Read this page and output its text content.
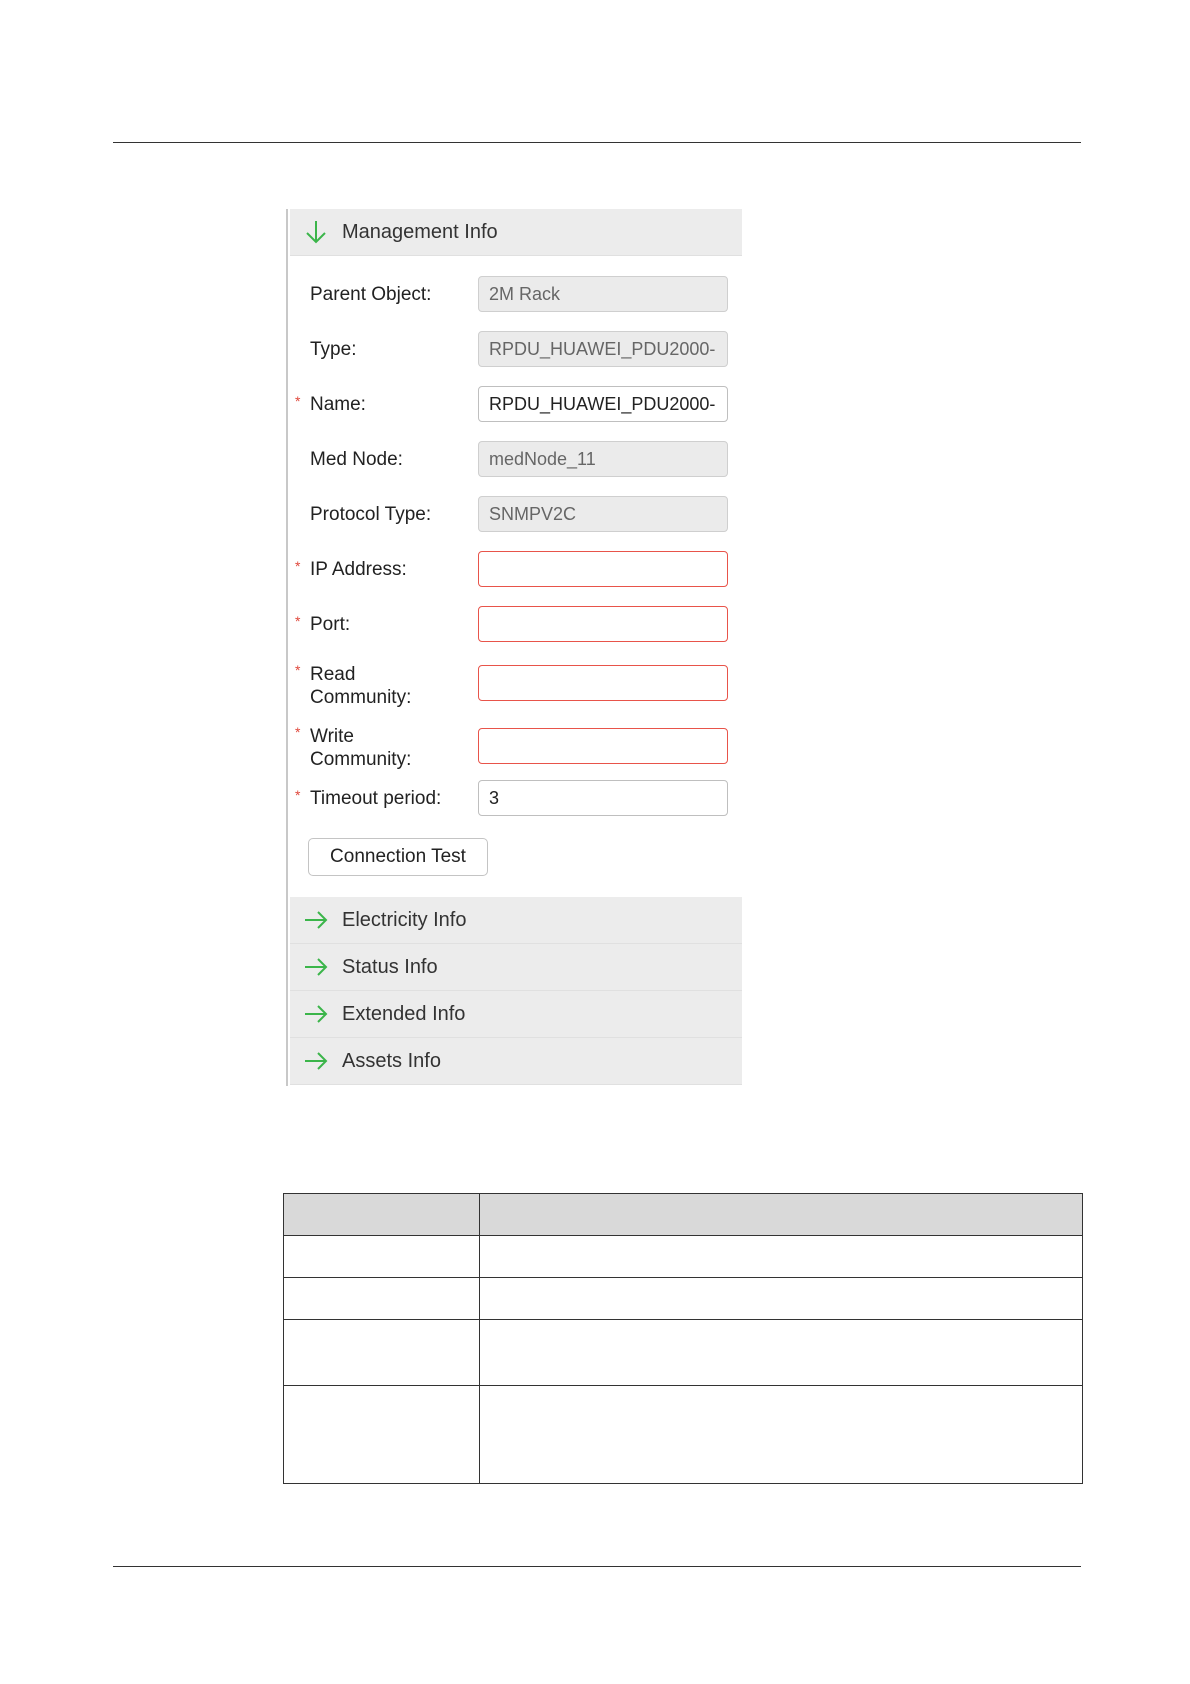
Management Info
Parent Object:	2M Rack
Type:	RPDU_HUAWEI_PDU2000-
* Name:	RPDU_HUAWEI_PDU2000-
Med Node:	medNode_11
Protocol Type:	SNMPV2C
* IP Address:
* Port:
* Read Community:
* Write Community:
* Timeout period:	3
Connection Test
Electricity Info
Status Info
Extended Info
Assets Info
